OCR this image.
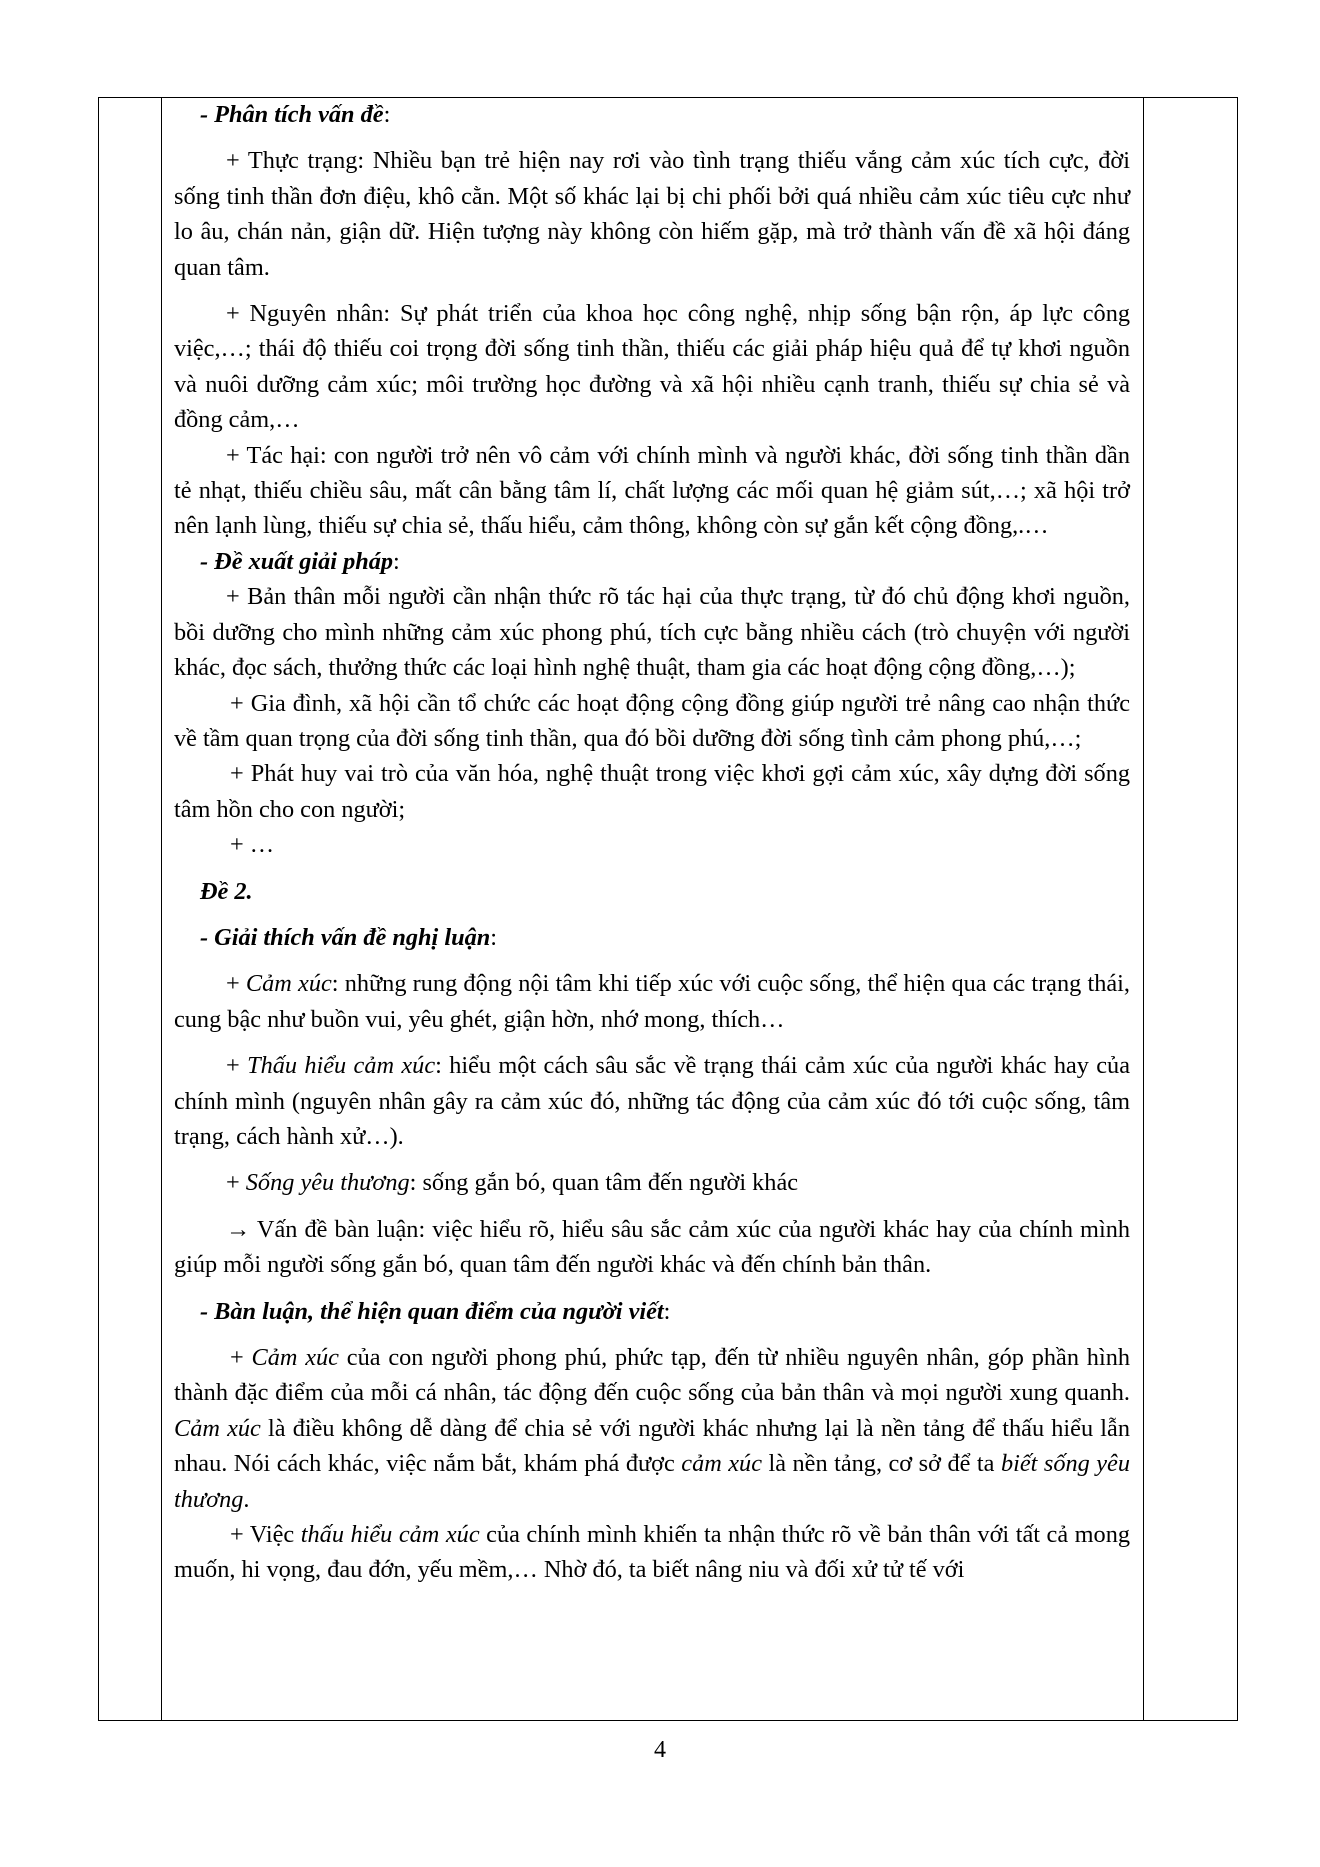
- Phân tích vấn đề:

+ Thực trạng: Nhiều bạn trẻ hiện nay rơi vào tình trạng thiếu vắng cảm xúc tích cực, đời sống tinh thần đơn điệu, khô cằn. Một số khác lại bị chi phối bởi quá nhiều cảm xúc tiêu cực như lo âu, chán nản, giận dữ. Hiện tượng này không còn hiếm gặp, mà trở thành vấn đề xã hội đáng quan tâm.

+ Nguyên nhân: Sự phát triển của khoa học công nghệ, nhịp sống bận rộn, áp lực công việc,…; thái độ thiếu coi trọng đời sống tinh thần, thiếu các giải pháp hiệu quả để tự khơi nguồn và nuôi dưỡng cảm xúc; môi trường học đường và xã hội nhiều cạnh tranh, thiếu sự chia sẻ và đồng cảm,…

+ Tác hại: con người trở nên vô cảm với chính mình và người khác, đời sống tinh thần dần tẻ nhạt, thiếu chiều sâu, mất cân bằng tâm lí, chất lượng các mối quan hệ giảm sút,…; xã hội trở nên lạnh lùng, thiếu sự chia sẻ, thấu hiểu, cảm thông, không còn sự gắn kết cộng đồng,.…

- Đề xuất giải pháp:

+ Bản thân mỗi người cần nhận thức rõ tác hại của thực trạng, từ đó chủ động khơi nguồn, bồi dưỡng cho mình những cảm xúc phong phú, tích cực bằng nhiều cách (trò chuyện với người khác, đọc sách, thưởng thức các loại hình nghệ thuật, tham gia các hoạt động cộng đồng,…);

+ Gia đình, xã hội cần tổ chức các hoạt động cộng đồng giúp người trẻ nâng cao nhận thức về tầm quan trọng của đời sống tinh thần, qua đó bồi dưỡng đời sống tình cảm phong phú,…;

+ Phát huy vai trò của văn hóa, nghệ thuật trong việc khơi gợi cảm xúc, xây dựng đời sống tâm hồn cho con người;

+ …

Đề 2.

- Giải thích vấn đề nghị luận:

+ Cảm xúc: những rung động nội tâm khi tiếp xúc với cuộc sống, thể hiện qua các trạng thái, cung bậc như buồn vui, yêu ghét, giận hờn, nhớ mong, thích…

+ Thấu hiểu cảm xúc: hiểu một cách sâu sắc về trạng thái cảm xúc của người khác hay của chính mình (nguyên nhân gây ra cảm xúc đó, những tác động của cảm xúc đó tới cuộc sống, tâm trạng, cách hành xử…).

+ Sống yêu thương: sống gắn bó, quan tâm đến người khác

→ Vấn đề bàn luận: việc hiểu rõ, hiểu sâu sắc cảm xúc của người khác hay của chính mình giúp mỗi người sống gắn bó, quan tâm đến người khác và đến chính bản thân.

- Bàn luận, thể hiện quan điểm của người viết:

+ Cảm xúc của con người phong phú, phức tạp, đến từ nhiều nguyên nhân, góp phần hình thành đặc điểm của mỗi cá nhân, tác động đến cuộc sống của bản thân và mọi người xung quanh. Cảm xúc là điều không dễ dàng để chia sẻ với người khác nhưng lại là nền tảng để thấu hiểu lẫn nhau. Nói cách khác, việc nắm bắt, khám phá được cảm xúc là nền tảng, cơ sở để ta biết sống yêu thương.

+ Việc thấu hiểu cảm xúc của chính mình khiến ta nhận thức rõ về bản thân với tất cả mong muốn, hi vọng, đau đớn, yếu mềm,… Nhờ đó, ta biết nâng niu và đối xử tử tế với

4
